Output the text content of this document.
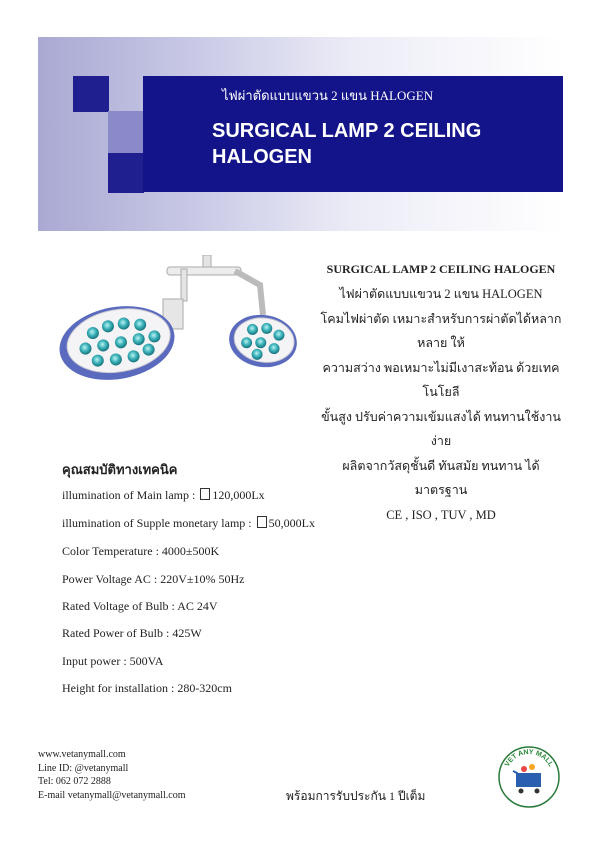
ไฟผ่าตัดแบบแขวน 2 แขน HALOGEN
SURGICAL LAMP 2 CEILING
HALOGEN
SURGICAL LAMP 2 CEILING HALOGEN
ไฟผ่าตัดแบบแขวน 2 แขน HALOGEN
โคมไฟผ่าตัด เหมาะสำหรับการผ่าตัดได้หลากหลาย ให้
ความสว่าง พอเหมาะไม่มีเงาสะท้อน ด้วยเทคโนโยลี
ขั้นสูง ปรับค่าความเข้มแสงได้ ทนทานใช้งานง่าย
ผลิตจากวัสดุชั้นดี ทันสมัย ทนทาน ได้มาตรฐาน
CE , ISO , TUV , MD
คุณสมบัติทางเทคนิค
illumination of Main lamp : 120,000Lx
illumination of Supple monetary lamp : 50,000Lx
Color Temperature : 4000±500K
Power Voltage AC : 220V±10% 50Hz
Rated Voltage of Bulb : AC 24V
Rated Power of Bulb : 425W
Input power : 500VA
Height for installation : 280-320cm
www.vetanymall.com
Line ID: @vetanymall
Tel: 062 072 2888
E-mail vetanymall@vetanymall.com	พร้อมการรับประกัน 1 ปีเต็ม
VET ANY MALL
